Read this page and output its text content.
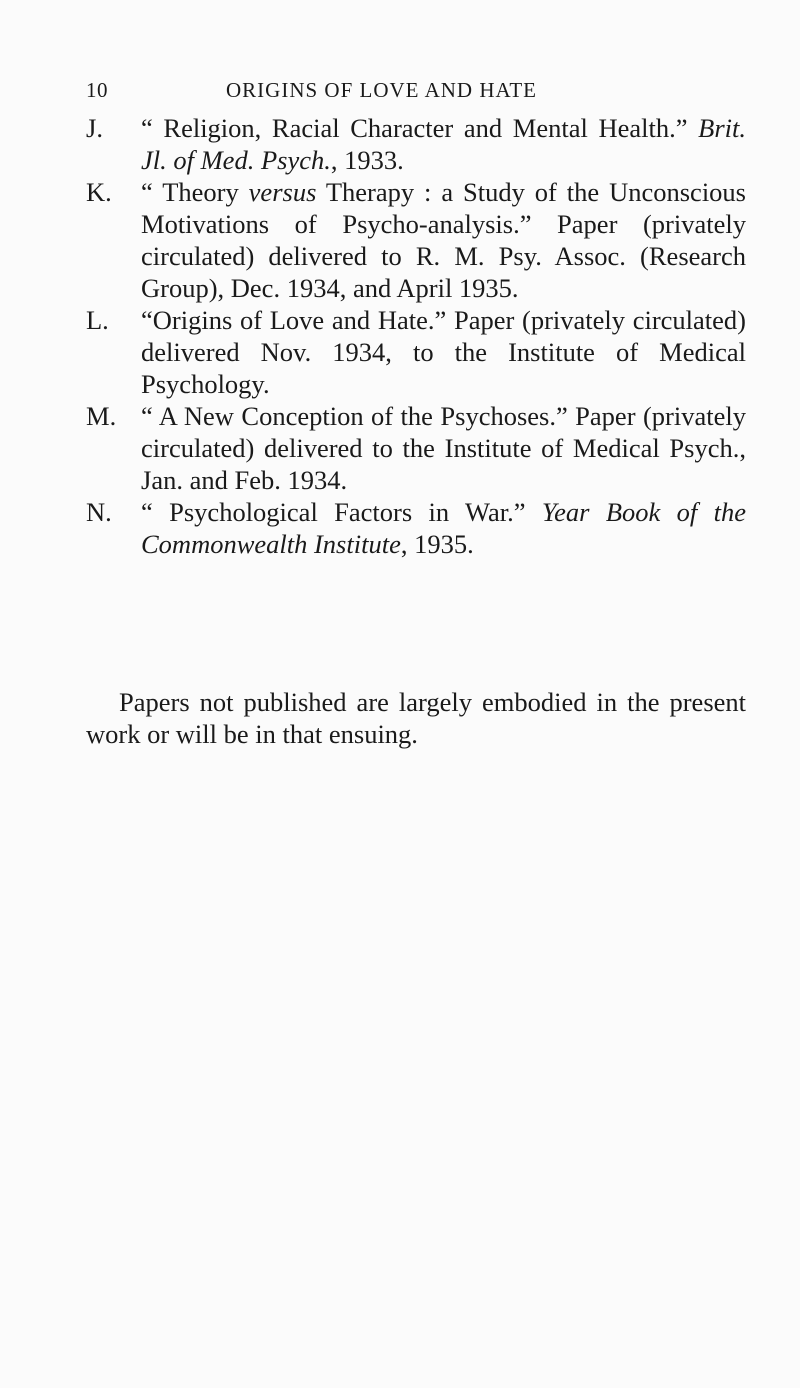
10	ORIGINS OF LOVE AND HATE
J.	“ Religion, Racial Character and Mental Health.” Brit. Jl. of Med. Psych., 1933.
K.	“ Theory versus Therapy : a Study of the Unconscious Motivations of Psycho-analysis.” Paper (privately circulated) delivered to R. M. Psy. Assoc. (Research Group), Dec. 1934, and April 1935.
L.	“Origins of Love and Hate.” Paper (privately circulated) delivered Nov. 1934, to the Institute of Medical Psychology.
M. “ A New Conception of the Psychoses.” Paper (privately circulated) delivered to the Institute of Medical Psych., Jan. and Feb. 1934.
N.	“ Psychological Factors in War.” Year Book of the Commonwealth Institute, 1935.

Papers not published are largely embodied in the present work or will be in that ensuing.
